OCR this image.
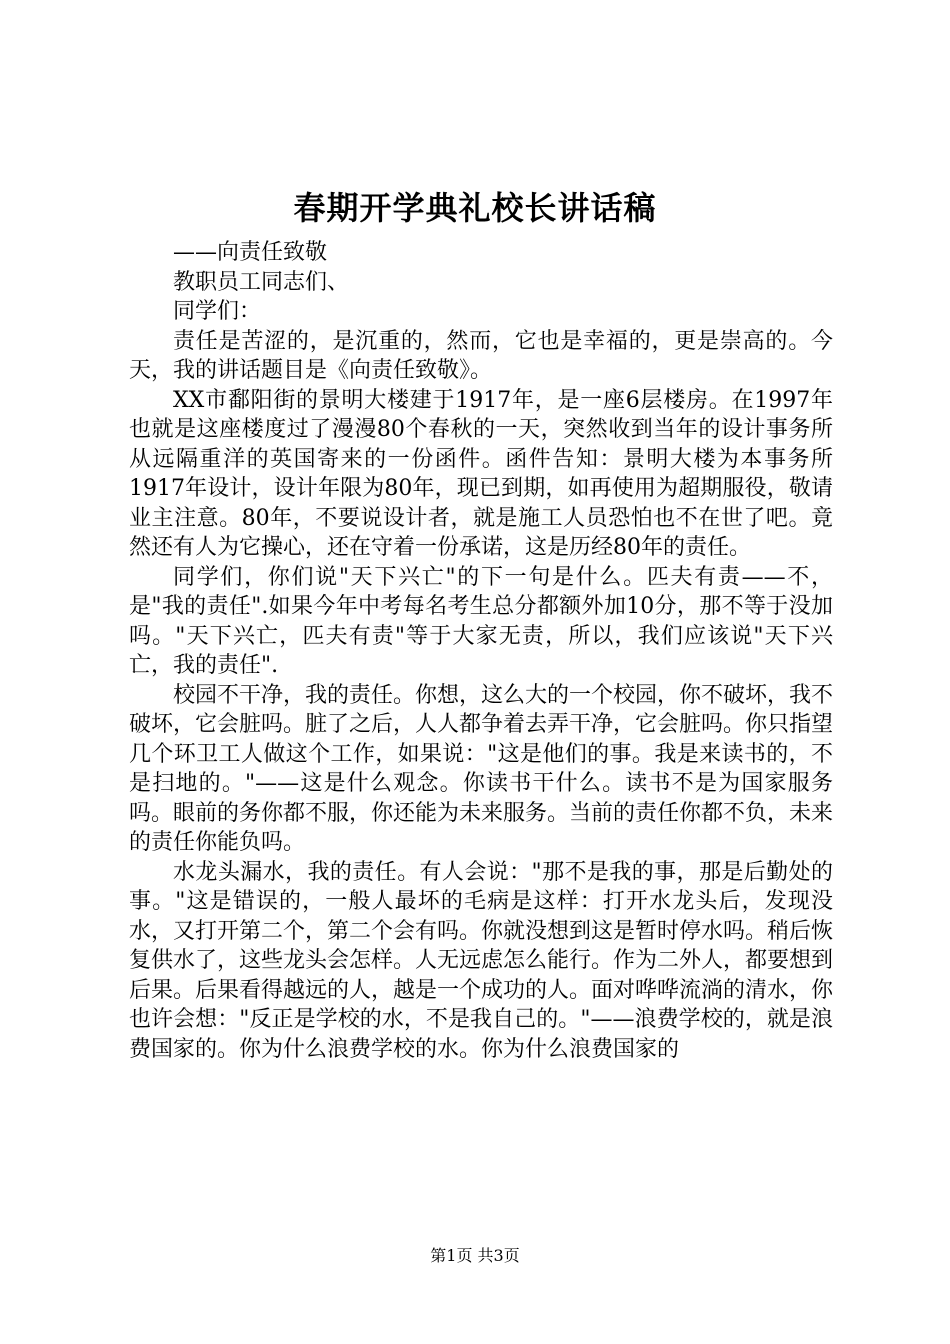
春期开学典礼校长讲话稿

——向责任致敬

教职员工同志们、

同学们：

责任是苦涩的，是沉重的，然而，它也是幸福的，更是崇高的。今天，我的讲话题目是《向责任致敬》。

XX市鄱阳街的景明大楼建于1917年，是一座6层楼房。在1997年也就是这座楼度过了漫漫80个春秋的一天，突然收到当年的设计事务所从远隔重洋的英国寄来的一份函件。函件告知：景明大楼为本事务所1917年设计，设计年限为80年，现已到期，如再使用为超期服役，敬请业主注意。80年，不要说设计者，就是施工人员恐怕也不在世了吧。竟然还有人为它操心，还在守着一份承诺，这是历经80年的责任。

同学们，你们说"天下兴亡"的下一句是什么。匹夫有责——不，是"我的责任".如果今年中考每名考生总分都额外加10分，那不等于没加吗。"天下兴亡，匹夫有责"等于大家无责，所以，我们应该说"天下兴亡，我的责任".

校园不干净，我的责任。你想，这么大的一个校园，你不破坏，我不破坏，它会脏吗。脏了之后，人人都争着去弄干净，它会脏吗。你只指望几个环卫工人做这个工作，如果说："这是他们的事。我是来读书的，不是扫地的。"——这是什么观念。你读书干什么。读书不是为国家服务吗。眼前的务你都不服，你还能为未来服务。当前的责任你都不负，未来的责任你能负吗。

水龙头漏水，我的责任。有人会说："那不是我的事，那是后勤处的事。"这是错误的，一般人最坏的毛病是这样：打开水龙头后，发现没水，又打开第二个，第二个会有吗。你就没想到这是暂时停水吗。稍后恢复供水了，这些龙头会怎样。人无远虑怎么能行。作为二外人，都要想到后果。后果看得越远的人，越是一个成功的人。面对哗哗流淌的清水，你也许会想："反正是学校的水，不是我自己的。"——浪费学校的，就是浪费国家的。你为什么浪费学校的水。你为什么浪费国家的

第1页 共3页
